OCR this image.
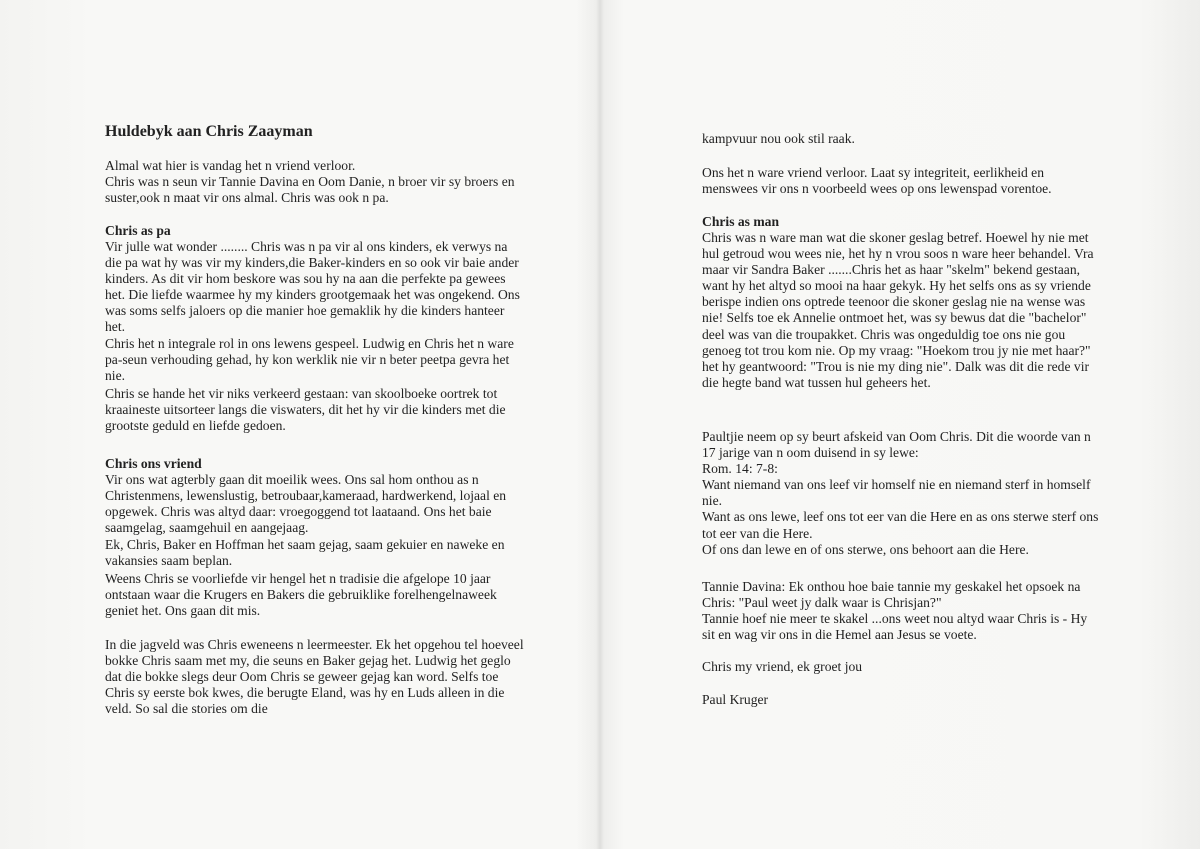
Huldebyk aan Chris Zaayman
Almal wat hier is vandag het n vriend verloor.
Chris was n seun vir Tannie Davina en Oom Danie, n broer vir sy broers en suster,ook n maat vir ons almal. Chris was ook n pa.
Chris as pa
Vir julle wat wonder ........ Chris was n pa vir al ons kinders, ek verwys na die pa wat hy was vir my kinders,die Baker-kinders en so ook vir baie ander kinders. As dit vir hom beskore was sou hy na aan die perfekte pa gewees het. Die liefde waarmee hy my kinders grootgemaak het was ongekend. Ons was soms selfs jaloers op die manier hoe gemaklik hy die kinders hanteer het.
Chris het n integrale rol in ons lewens gespeel. Ludwig en Chris het n ware pa-seun verhouding gehad, hy kon werklik nie vir n beter peetpa gevra het nie.
Chris se hande het vir niks verkeerd gestaan: van skoolboeke oortrek tot kraaineste uitsorteer langs die viswaters, dit het hy vir die kinders met die grootste geduld en liefde gedoen.
Chris ons vriend
Vir ons wat agterbly gaan dit moeilik wees. Ons sal hom onthou as n Christenmens, lewenslustig, betroubaar,kameraad, hardwerkend, lojaal en opgewek. Chris was altyd daar: vroegoggend tot laataand. Ons het baie saamgelag, saamgehuil en aangejaag.
Ek, Chris, Baker en Hoffman het saam gejag, saam gekuier en naweke en vakansies saam beplan.
Weens Chris se voorliefde vir hengel het n tradisie die afgelope 10 jaar ontstaan waar die Krugers en Bakers die gebruiklike forelhengelnaweek geniet het. Ons gaan dit mis.
In die jagveld was Chris eweneens n leermeester. Ek het opgehou tel hoeveel bokke Chris saam met my, die seuns en Baker gejag het. Ludwig het geglo dat die bokke slegs deur Oom Chris se geweer gejag kan word. Selfs toe Chris sy eerste bok kwes, die berugte Eland, was hy en Luds alleen in die veld. So sal die stories om die
kampvuur nou ook stil raak.
Ons het n ware vriend verloor. Laat sy integriteit, eerlikheid en menswees vir ons n voorbeeld wees op ons lewenspad vorentoe.
Chris as man
Chris was n ware man wat die skoner geslag betref. Hoewel hy nie met hul getroud wou wees nie, het hy n vrou soos n ware heer behandel. Vra maar vir Sandra Baker .......Chris het as haar "skelm" bekend gestaan, want hy het altyd so mooi na haar gekyk. Hy het selfs ons as sy vriende berispe indien ons optrede teenoor die skoner geslag nie na wense was nie! Selfs toe ek Annelie ontmoet het, was sy bewus dat die "bachelor" deel was van die troupakket. Chris was ongeduldig toe ons nie gou genoeg tot trou kom nie. Op my vraag: "Hoekom trou jy nie met haar?" het hy geantwoord: "Trou is nie my ding nie". Dalk was dit die rede vir die hegte band wat tussen hul geheers het.
Paultjie neem op sy beurt afskeid van Oom Chris. Dit die woorde van n 17 jarige van n oom duisend in sy lewe:
Rom. 14: 7-8:
Want niemand van ons leef vir homself nie en niemand sterf in homself nie.
Want as ons lewe, leef ons tot eer van die Here en as ons sterwe sterf ons tot eer van die Here.
Of ons dan lewe en of ons sterwe, ons behoort aan die Here.
Tannie Davina: Ek onthou hoe baie tannie my geskakel het opsoek na Chris: "Paul weet jy dalk waar is Chrisjan?"
Tannie hoef nie meer te skakel ...ons weet nou altyd waar Chris is - Hy sit en wag vir ons in die Hemel aan Jesus se voete.
Chris my vriend, ek groet jou
Paul Kruger
